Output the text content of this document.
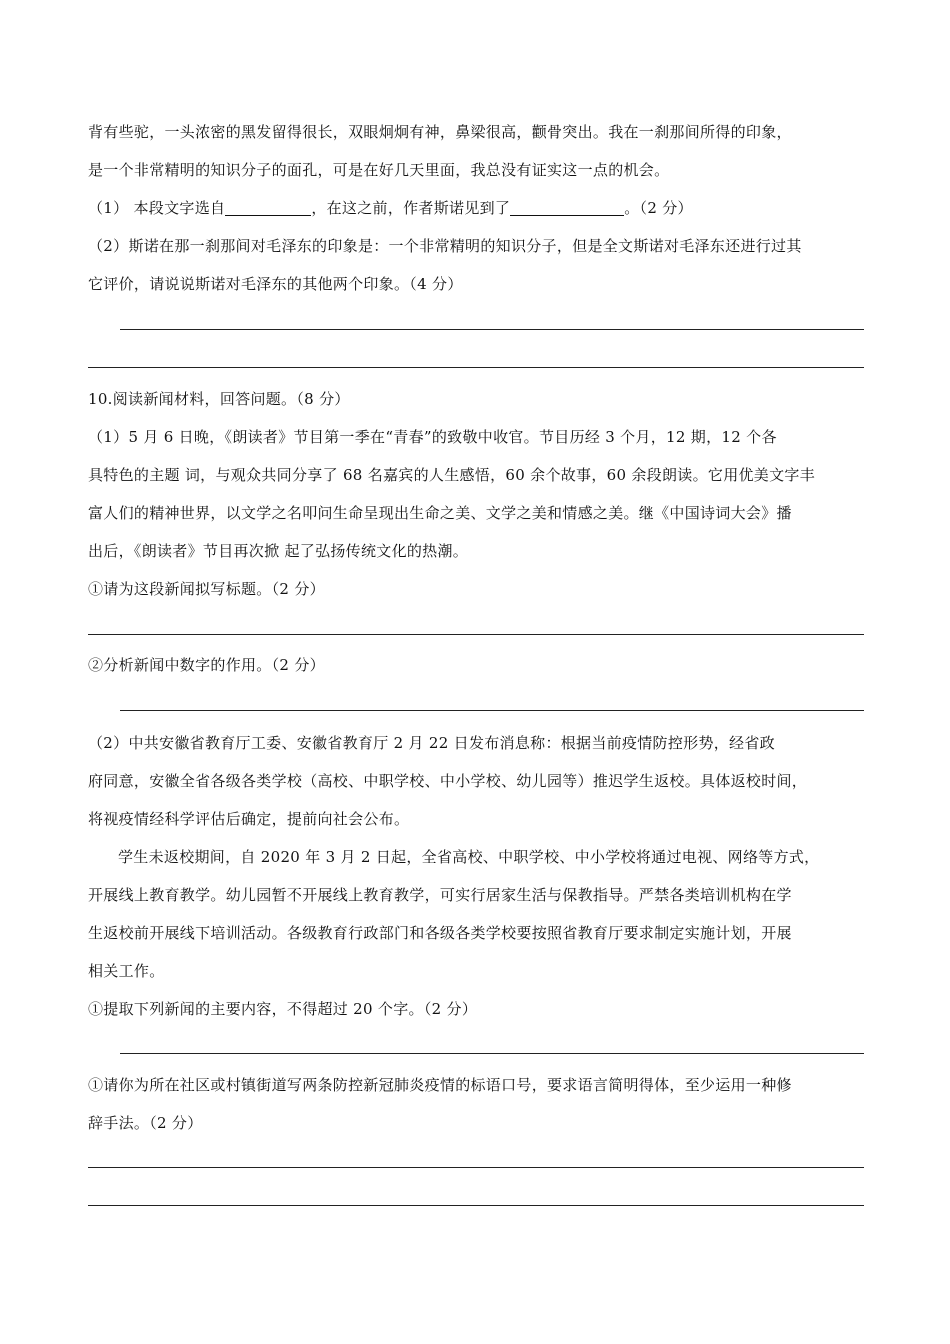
背有些驼，一头浓密的黑发留得很长，双眼炯炯有神，鼻梁很高，颧骨突出。我在一刹那间所得的印象，
是一个非常精明的知识分子的面孔，可是在好几天里面，我总没有证实这一点的机会。
（1） 本段文字选自	，在这之前，作者斯诺见到了	。（2 分）
（2）斯诺在那一刹那间对毛泽东的印象是：一个非常精明的知识分子，但是全文斯诺对毛泽东还进行过其
它评价，请说说斯诺对毛泽东的其他两个印象。（4 分）
10.阅读新闻材料，回答问题。（8 分）
（1）5 月 6 日晚，《朗读者》节目第一季在“青春”的致敬中收官。节目历经 3 个月，12 期，12 个各
具特色的主题 词，与观众共同分享了 68 名嘉宾的人生感悟，60 余个故事，60 余段朗读。它用优美文字丰
富人们的精神世界，以文学之名叩问生命呈现出生命之美、文学之美和情感之美。继《中国诗词大会》播
出后，《朗读者》节目再次掀 起了弘扬传统文化的热潮。
①请为这段新闻拟写标题。（2 分）
②分析新闻中数字的作用。（2 分）
（2）中共安徽省教育厅工委、安徽省教育厅 2 月 22 日发布消息称：根据当前疫情防控形势，经省政
府同意，安徽全省各级各类学校（高校、中职学校、中小学校、幼儿园等）推迟学生返校。具体返校时间，
将视疫情经科学评估后确定，提前向社会公布。
学生未返校期间，自 2020 年 3 月 2 日起，全省高校、中职学校、中小学校将通过电视、网络等方式，
开展线上教育教学。幼儿园暂不开展线上教育教学，可实行居家生活与保教指导。严禁各类培训机构在学
生返校前开展线下培训活动。各级教育行政部门和各级各类学校要按照省教育厅要求制定实施计划，开展
相关工作。
①提取下列新闻的主要内容，不得超过 20 个字。（2 分）
①请你为所在社区或村镇街道写两条防控新冠肺炎疫情的标语口号，要求语言简明得体，至少运用一种修
辞手法。（2 分）
